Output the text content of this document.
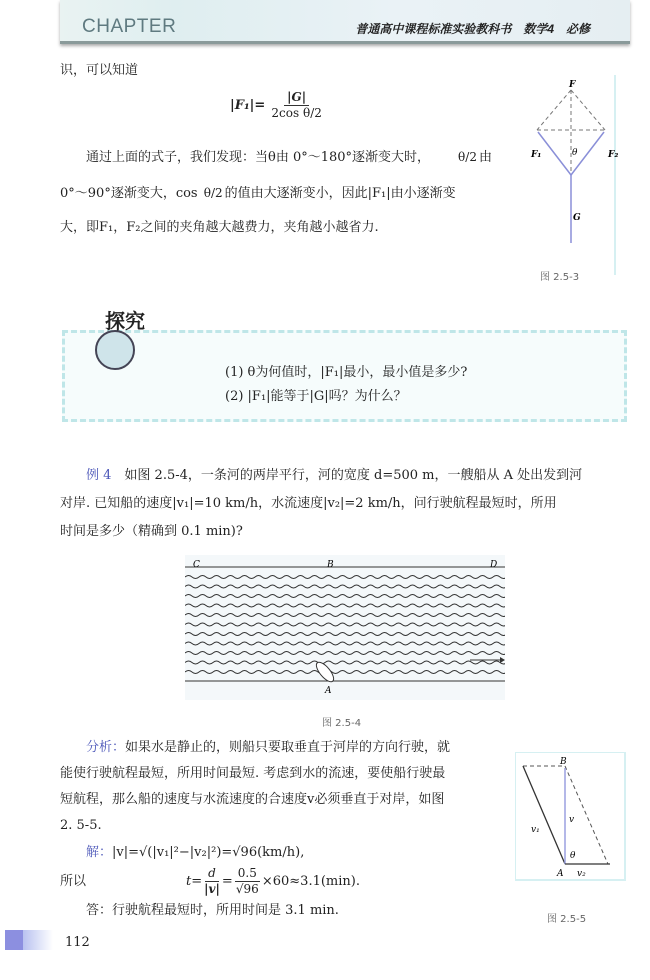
CHAPTER	普通高中课程标准实验教科书　数学4　必修
识，可以知道
$|F_1|= \frac{|G|}{\text{2cos θ/2}}$
通过上面的式子，我们发现：当θ由 0°～180°逐渐变大时，	θ/2 由
0°～90°逐渐变大，cos θ/2 的值由大逐渐变小，因此|F₁|由小逐渐变
大，即F₁，F₂之间的夹角越大越费力，夹角越小越省力.
F
F₁	F₂
θ
G
图 2.5-3
(1) θ为何值时，|F₁|最小，最小值是多少?
(2) |F₁|能等于|G|吗？为什么？
探究
例 4　 如图 2.5-4，一条河的两岸平行，河的宽度 d=500 m，一艘船从 A 处出发到河
对岸. 已知船的速度|v₁|=10 km/h，水流速度|v₂|=2 km/h，问行驶航程最短时，所用
时间是多少（精确到 0.1 min)?
C	B	D
A
图 2.5-4
分析：如果水是静止的，则船只要取垂直于河岸的方向行驶，就
能使行驶航程最短，所用时间最短. 考虑到水的流速，要使船行驶最
短航程，那么船的速度与水流速度的合速度v必须垂直于对岸，如图
2. 5-5.
解：|v|=√(|v₁|²−|v₂|²)=√96(km/h),
所以	$t= \frac{d}{|v|} = \frac{0.5}{√96} \times 60\approx 3.1(\min)$.
答：行驶航程最短时，所用时间是 3.1 min.
B
v₁
v
θ
A v₂
图 2.5-5
112
